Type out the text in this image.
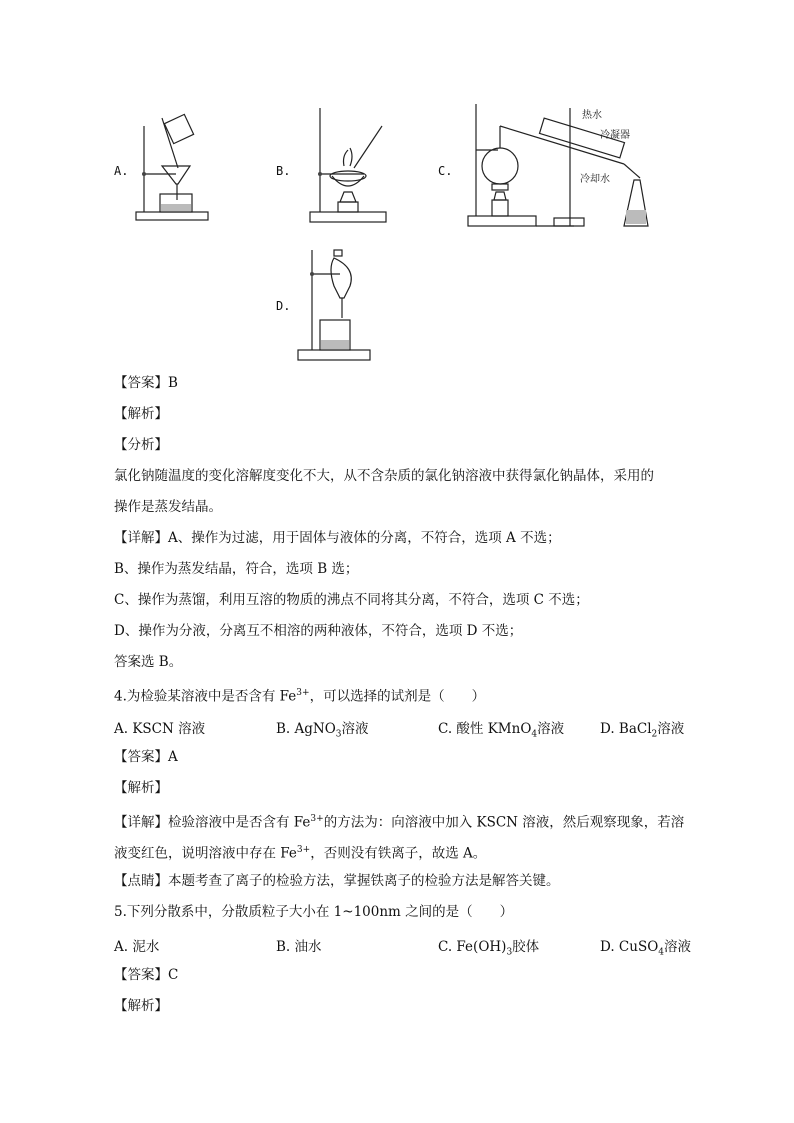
A.	B.	C.
D.
热水
冷凝器
冷却水
【答案】B
【解析】
【分析】
氯化钠随温度的变化溶解度变化不大，从不含杂质的氯化钠溶液中获得氯化钠晶体，采用的
操作是蒸发结晶。
【详解】A、操作为过滤，用于固体与液体的分离，不符合，选项 A 不选；
B、操作为蒸发结晶，符合，选项 B 选；
C、操作为蒸馏，利用互溶的物质的沸点不同将其分离，不符合，选项 C 不选；
D、操作为分液，分离互不相溶的两种液体，不符合，选项 D 不选；
答案选 B。
4.为检验某溶液中是否含有 $Fe^{3+}$，可以选择的试剂是（　　）
A. KSCN 溶液	B. AgNO$_3$溶液	C. 酸性 KMnO$_4$溶液	D. BaCl$_2$溶液
【答案】A
【解析】
【详解】检验溶液中是否含有 $Fe^{3+}$的方法为：向溶液中加入 KSCN 溶液，然后观察现象，若溶
液变红色，说明溶液中存在 $Fe^{3+}$，否则没有铁离子，故选 A。
【点睛】本题考查了离子的检验方法，掌握铁离子的检验方法是解答关键。
5.下列分散系中，分散质粒子大小在 1~100nm 之间的是（　　）
A. 泥水	B. 油水	C. $Fe(OH)_3$胶体	D. CuSO$_4$溶液
【答案】C
【解析】
